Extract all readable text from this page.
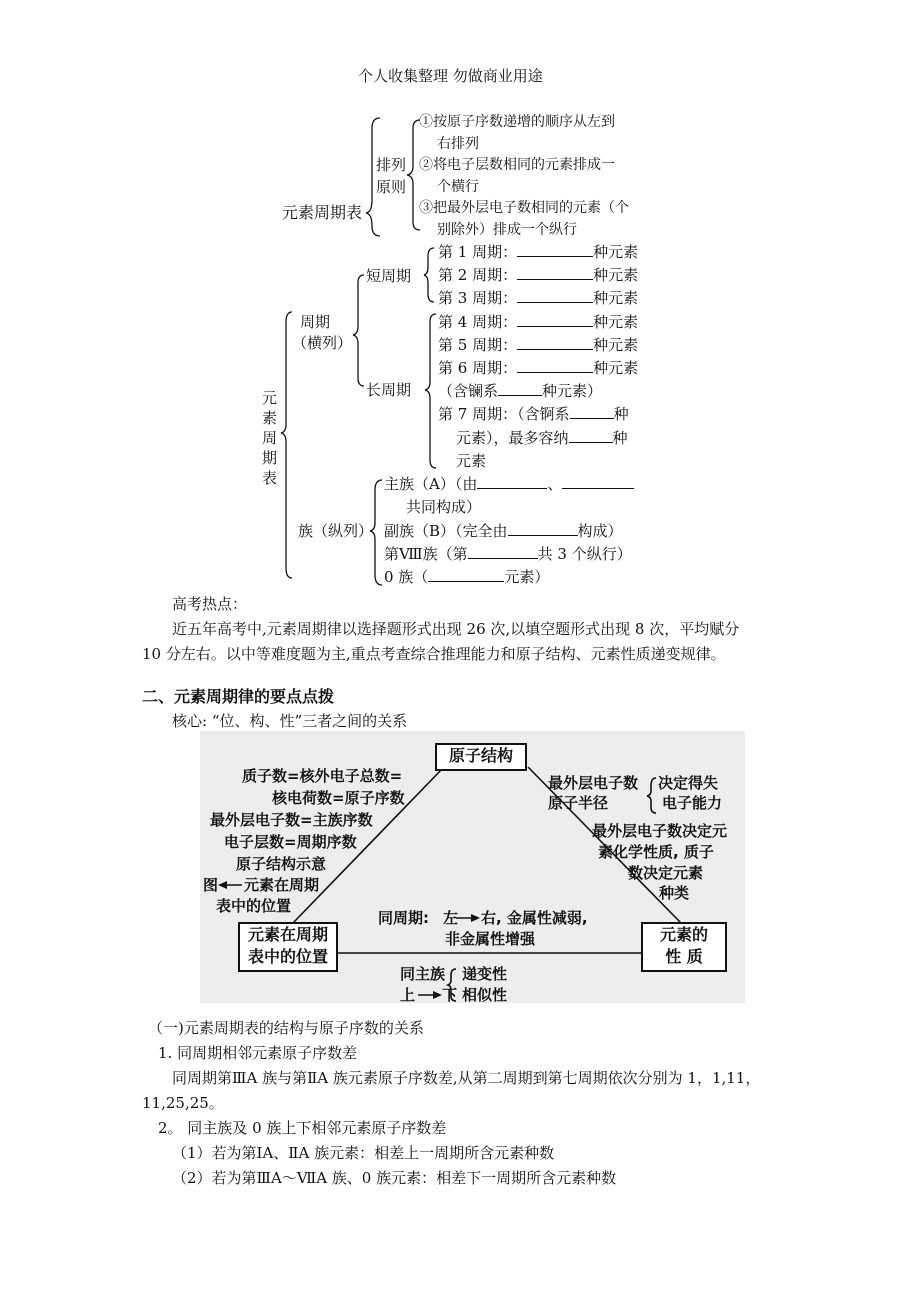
个人收集整理 勿做商业用途
元素周期表
排列
原则
①按原子序数递增的顺序从左到
右排列
②将电子层数相同的元素排成一
个横行
③把最外层电子数相同的元素（个
别除外）排成一个纵行
元
素
周
期
表
周期
（横列）
短周期
长周期
第 1 周期：	种元素
第 2 周期：	种元素
第 3 周期：	种元素
第 4 周期：	种元素
第 5 周期：	种元素
第 6 周期：	种元素
（含镧系	种元素）
第 7 周期：（含锕系	种
元素），最多容纳	种
元素
族（纵列）
主族（A）（由	、
共同构成）
副族（B）（完全由	构成）
第Ⅷ族（第	共 3 个纵行）
0 族（	元素）
高考热点：
近五年高考中,元素周期律以选择题形式出现 26 次,以填空题形式出现 8 次，平均赋分
10 分左右。以中等难度题为主,重点考查综合推理能力和原子结构、元素性质递变规律。
二、元素周期律的要点点拨
核心: “位、构、性”三者之间的关系
原子结构
元素在周期
表中的位置
元素的
性 质
质子数=核外电子总数=
核电荷数=原子序数
最外层电子数=主族序数
电子层数=周期序数
原子结构示意
图 元素在周期
表中的位置
最外层电子数
原子半径
决定得失
电子能力
最外层电子数决定元
素化学性质, 质子
数决定元素
种类
同周期: 左 右, 金属性减弱,
非金属性增强
同主族
上 下
递变性
相似性
（一)元素周期表的结构与原子序数的关系
1. 同周期相邻元素原子序数差
同周期第ⅢA 族与第ⅡA 族元素原子序数差,从第二周期到第七周期依次分别为 1，1,11，
11,25,25。
2。 同主族及 0 族上下相邻元素原子序数差
（1）若为第ⅠA、ⅡA 族元素：相差上一周期所含元素种数
（2）若为第ⅢA～ⅦA 族、0 族元素：相差下一周期所含元素种数
